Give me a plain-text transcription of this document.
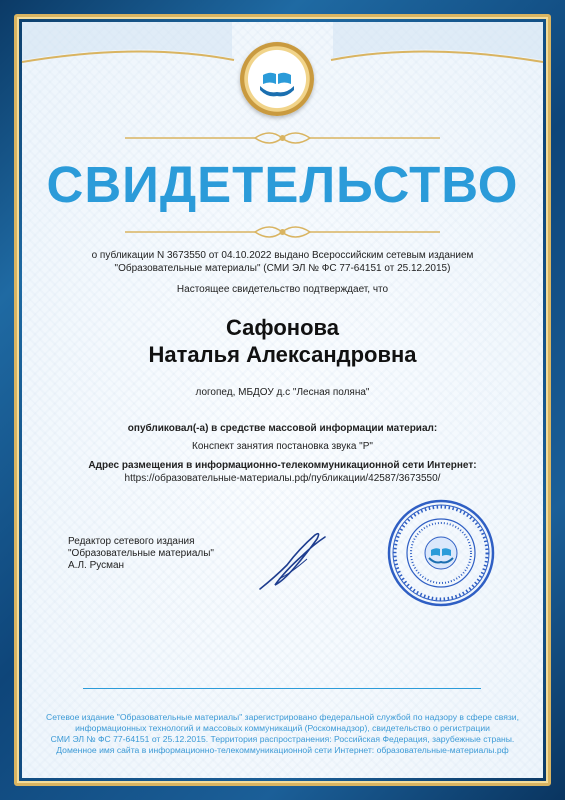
СВИДЕТЕЛЬСТВО
о публикации N 3673550 от 04.10.2022 выдано Всероссийским сетевым изданием
"Образовательные материалы" (СМИ ЭЛ № ФС 77-64151 от 25.12.2015)
Настоящее свидетельство подтверждает, что
Сафонова
Наталья Александровна
логопед, МБДОУ д.с "Лесная поляна"
опубликовал(-а) в средстве массовой информации материал:
Конспект занятия постановка звука "Р"
Адрес размещения в информационно-телекоммуникационной сети Интернет:
https://образовательные-материалы.рф/публикации/42587/3673550/
Редактор сетевого издания
"Образовательные материалы"
А.Л. Русман
Сетевое издание "Образовательные материалы" зарегистрировано федеральной службой по надзору в сфере связи,
информационных технологий и массовых коммуникаций (Роскомнадзор), свидетельство о регистрации
СМИ ЭЛ № ФС 77-64151 от 25.12.2015. Территория распространения: Российская Федерация, зарубежные страны.
Доменное имя сайта в информационно-телекоммуникационной сети Интернет: образовательные-материалы.рф
